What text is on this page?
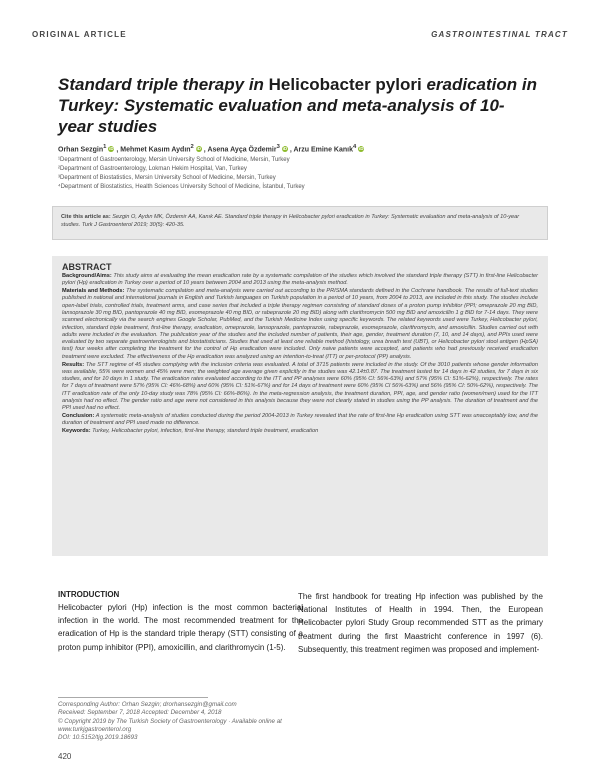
ORIGINAL ARTICLE	GASTROINTESTINAL TRACT
Standard triple therapy in Helicobacter pylori eradication in Turkey: Systematic evaluation and meta-analysis of 10-year studies
Orhan Sezgin$^1$ iD , Mehmet Kasım Aydın$^2$ iD , Asena Ayça Özdemir$^3$ iD , Arzu Emine Kanık$^4$ iD
¹Department of Gastroenterology, Mersin University School of Medicine, Mersin, Turkey
²Department of Gastroenterology, Lokman Hekim Hospital, Van, Turkey
³Department of Biostatistics, Mersin University School of Medicine, Mersin, Turkey
⁴Department of Biostatistics, Health Sciences University School of Medicine, İstanbul, Turkey
Cite this article as: Sezgin O, Aydın MK, Özdemir AA, Kanık AE. Standard triple therapy in Helicobacter pylori eradication in Turkey: Systematic evaluation and meta-analysis of 10-year studies. Turk J Gastroenterol 2019; 30(5): 420-35.
ABSTRACT

Background/Aims: This study aims at evaluating the mean eradication rate by a systematic compilation of the studies which involved the standard triple therapy (STT) in first-line Helicobacter pylori (Hp) eradication in Turkey over a period of 10 years between 2004 and 2013 using the meta-analysis method.

Materials and Methods: The systematic compilation and meta-analysis were carried out according to the PRISMA standards defined in the Cochrane handbook. The results of full-text studies published in national and international journals in English and Turkish languages on Turkish population in a period of 10 years, from 2004 to 2013, are included in this study. The studies include open-label trials, controlled trials, treatment arms, and case series that included a triple therapy regimen consisting of standard doses of a proton pump inhibitor (PPI; omeprazole 20 mg BID, lansoprazole 30 mg BID, pantoprazole 40 mg BID, esomeprazole 40 mg BID, or rabeprazole 20 mg BID) along with clarithromycin 500 mg BID and amoxicillin 1 g BID for 7-14 days. They were scanned electronically via the search engines Google Scholar, PubMed, and the Turkish Medicine Index using specific keywords. The related keywords used were Turkey, Helicobacter pylori, infection, standard triple treatment, first-line therapy, eradication, omeprazole, lansoprazole, pantoprazole, rabeprazole, esomeprazole, clarithromycin, and amoxicillin. Studies carried out with adults were included in the evaluation. The publication year of the studies and the included number of patients, their age, gender, treatment duration (7, 10, and 14 days), and PPIs used were evaluated by two separate gastroenterologists and biostatisticians. Studies that used at least one reliable method (histology, urea breath test (UBT), or Helicobacter pylori stool antigen (HpSA) test) four weeks after completing the treatment for the control of Hp eradication were included. Only naive patients were accepted, and patients who had previously received eradication treatment were excluded. The effectiveness of the Hp eradication was analyzed using an intention-to-treat (ITT) or per-protocol (PP) analysis.

Results: The STT regime of 45 studies complying with the inclusion criteria was evaluated. A total of 3715 patients were included in the study. Of the 3010 patients whose gender information was available, 55% were women and 45% were men; the weighted age average given explicitly in the studies was 42.14±0.87. The treatment lasted for 14 days in 42 studies, for 7 days in six studies, and for 10 days in 1 study. The eradication rates evaluated according to the ITT and PP analyses were 60% (95% CI: 56%-63%) and 57% (95% CI: 51%-62%), respectively. The rates for 7 days of treatment were 57% (95% CI: 46%-68%) and 60% (95% CI: 51%-67%) and for 14 days of treatment were 60% (95% CI 56%-63%) and 56% (95% CI: 50%-62%), respectively. The ITT eradication rate of the only 10-day study was 78% (95% CI: 66%-86%). In the meta-regression analysis, the treatment duration, PPI, age, and gender ratio (women/men) used for the ITT analysis had no effect. The gender ratio and age were not considered in this analysis because they were not clearly stated in studies using the PP analysis. The duration of treatment and the PPI used had no effect.

Conclusion: A systematic meta-analysis of studies conducted during the period 2004-2013 in Turkey revealed that the rate of first-line Hp eradication using STT was unacceptably low, and the duration of treatment and PPI used made no difference.

Keywords: Turkey, Helicobacter pylori, infection, first-line therapy, standard triple treatment, eradication

INTRODUCTION
Helicobacter pylori (Hp) infection is the most common bacterial infection in the world. The most recommended treatment for the eradication of Hp is the standard triple therapy (STT) consisting of a proton pump inhibitor (PPI), amoxicillin, and clarithromycin (1-5).
The first handbook for treating Hp infection was published by the National Institutes of Health in 1994. Then, the European Helicobacter pylori Study Group recommended STT as the primary treatment during the first Maastricht conference in 1997 (6). Subsequently, this treatment regimen was proposed and implement-
Corresponding Author: Orhan Sezgin; drorhansezgin@gmail.com
Received: September 7, 2018 Accepted: December 4, 2018
© Copyright 2019 by The Turkish Society of Gastroenterology · Available online at www.turkjgastroenterol.org
DOI: 10.5152/tjg.2019.18693
420
